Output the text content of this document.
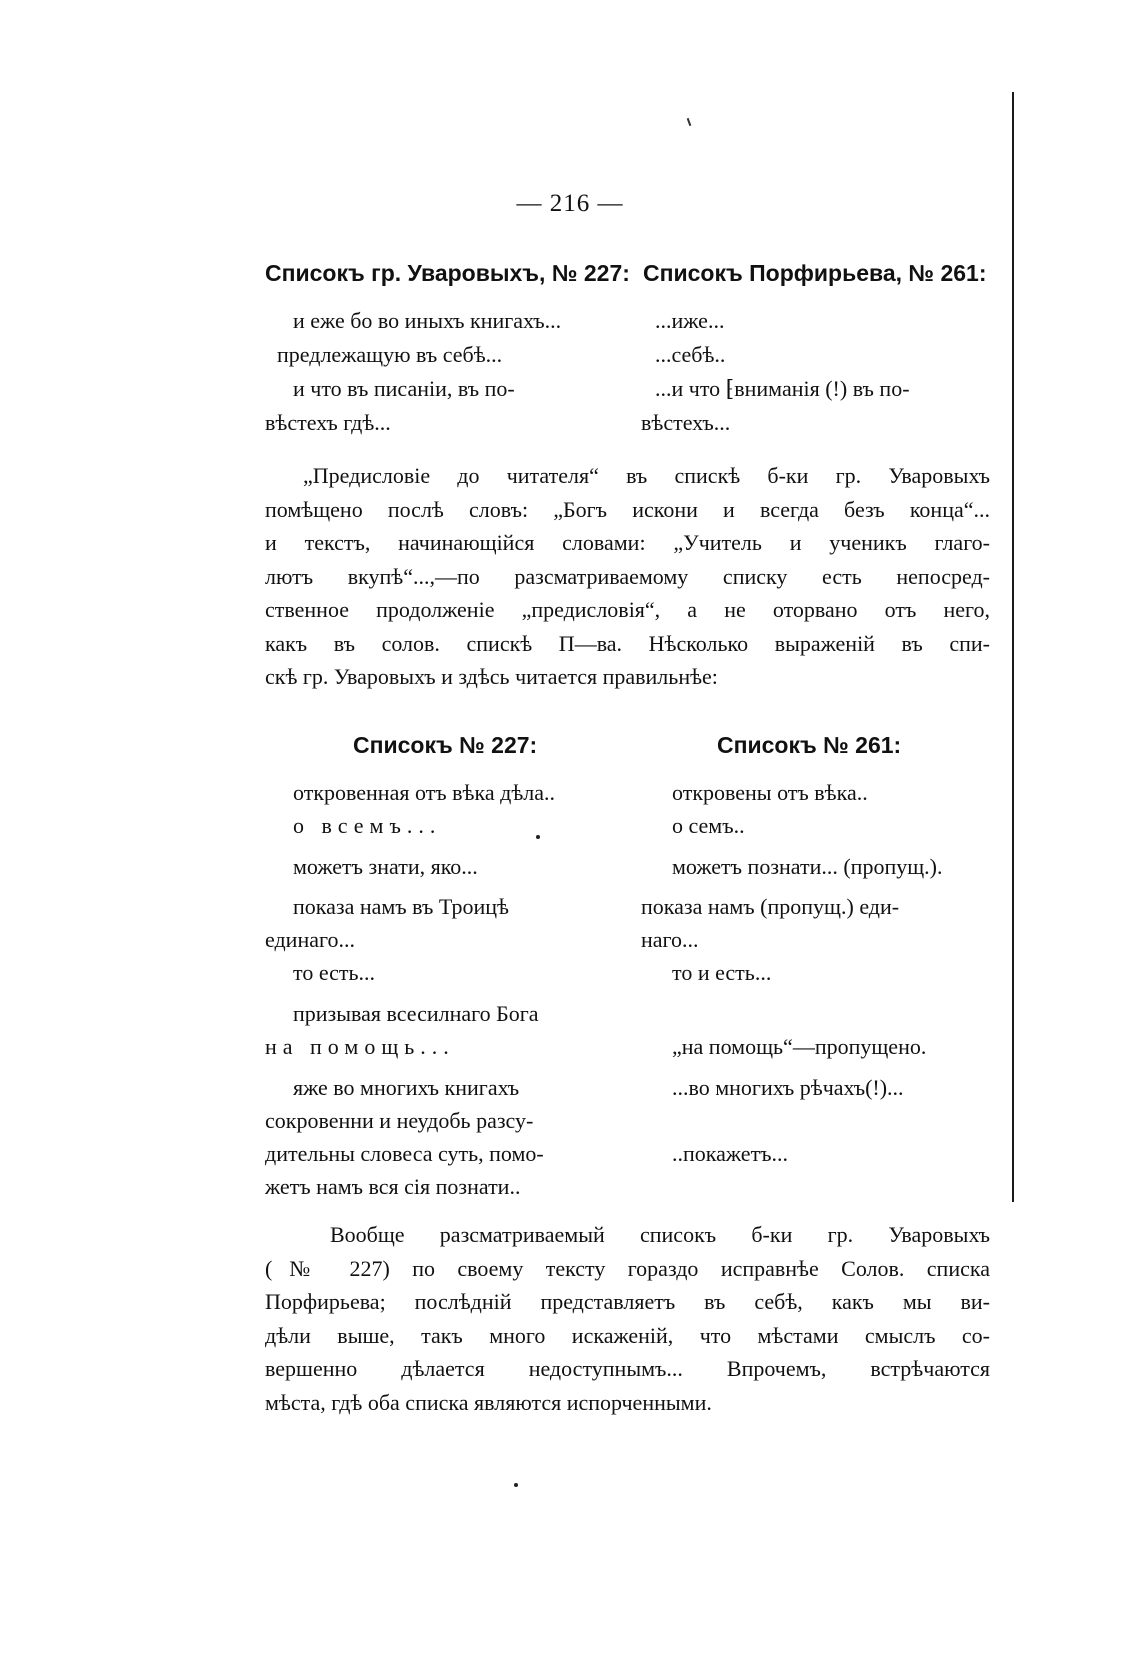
— 216 —
Списокъ гр. Уваровыхъ, № 227: Списокъ Порфирьева, № 261:
и еже бо во иныхъ книгахъ...
предлежащую въ себѣ...
и что въ писаніи, въ по-
вѣстехъ гдѣ...
...иже...
...себѣ..
...и что ⁅вниманія (!) въ по-
вѣстехъ...

„Предисловіе до читателя“ въ спискѣ б-ки гр. Уваровыхъ

помѣщено послѣ словъ: „Богъ искони и всегда безъ конца“...

и текстъ, начинающійся словами: „Учитель и ученикъ глаго-

лютъ вкупѣ“...,—по разсматриваемому списку есть непосред-

ственное продолженіе „предисловія“, а не оторвано отъ него,

какъ въ солов. спискѣ П—ва. Нѣсколько выраженій въ спи-

скѣ гр. Уваровыхъ и здѣсь читается правильнѣе:

Списокъ № 227:	Списокъ № 261:
откровенная отъ вѣка дѣла..
о всемъ...
можетъ знати, яко...
показа намъ въ Троицѣ
единаго...
то есть...
призывая всесилнаго Бога
на помощь...
яже во многихъ книгахъ
сокровенни и неудобь разсу-
дительны словеса суть, помо-
жетъ намъ вся сія познати..
откровены отъ вѣка..
о семъ..
можетъ познати... (пропущ.).
показа намъ (пропущ.) еди-
наго...
то и есть...
„на помощь“—пропущено.
...во многихъ рѣчахъ(!)...
..покажетъ...

Вообще разсматриваемый списокъ б-ки гр. Уваровыхъ

(№ 227) по своему тексту гораздо исправнѣе Солов. списка

Порфирьева; послѣдній представляетъ въ себѣ, какъ мы ви-

дѣли выше, такъ много искаженій, что мѣстами смыслъ со-

вершенно дѣлается недоступнымъ... Впрочемъ, встрѣчаются

мѣста, гдѣ оба списка являются испорченными.
